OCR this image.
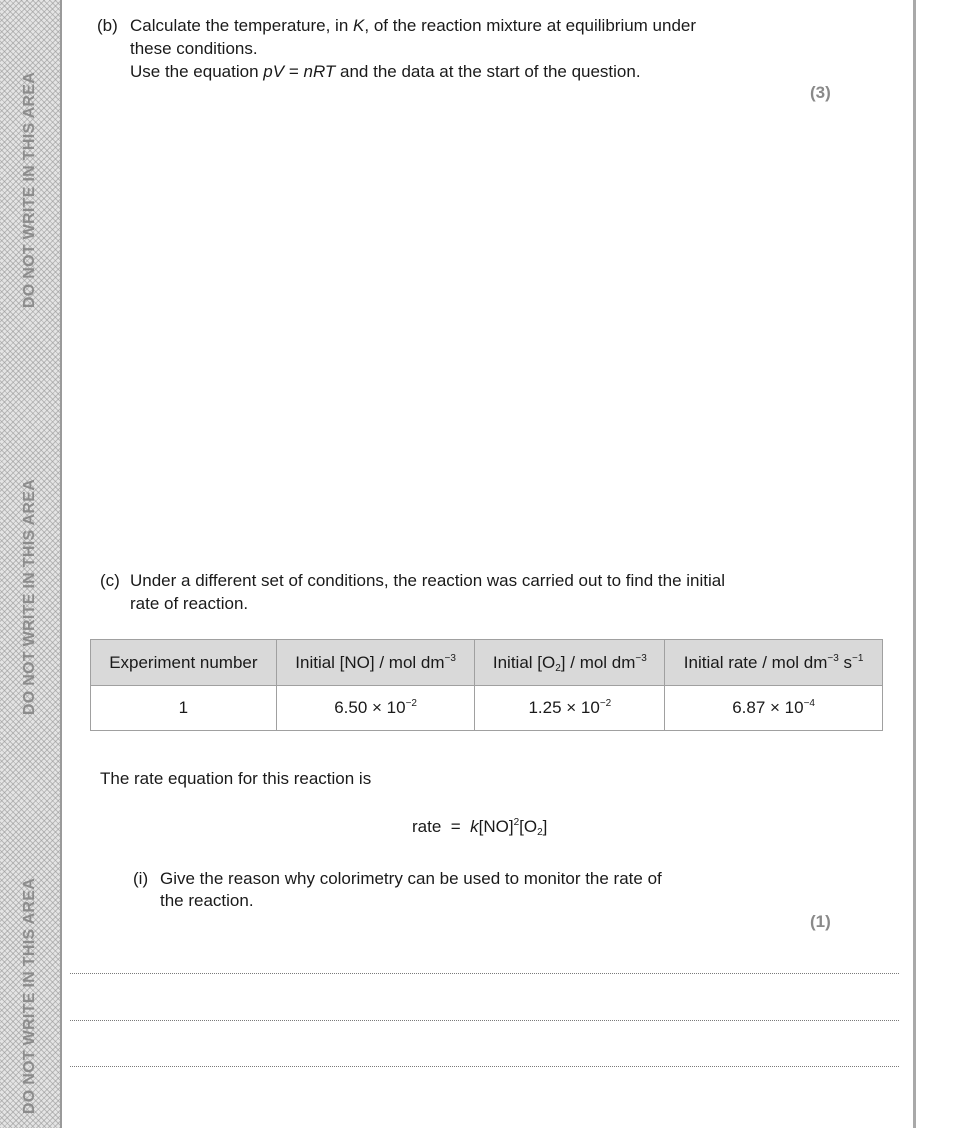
DO NOT WRITE IN THIS AREA
DO NOT WRITE IN THIS AREA
DO NOT WRITE IN THIS AREA
(b) Calculate the temperature, in K, of the reaction mixture at equilibrium under
these conditions.
Use the equation pV = nRT and the data at the start of the question.
(3)
(c) Under a different set of conditions, the reaction was carried out to find the initial
rate of reaction.
Experiment number	Initial [NO] / mol $dm^{-3}$	Initial $[O_2]$ / mol $dm^{-3}$	Initial rate / mol $dm^{-3}$ $s^{-1}$
1	$6.50 \times 10^{-2}$	$1.25 \times 10^{-2}$	$6.87 \times 10^{-4}$
The rate equation for this reaction is
rate  =  $k[NO]^2[O_2]$
(i) Give the reason why colorimetry can be used to monitor the rate of
the reaction.
(1)
